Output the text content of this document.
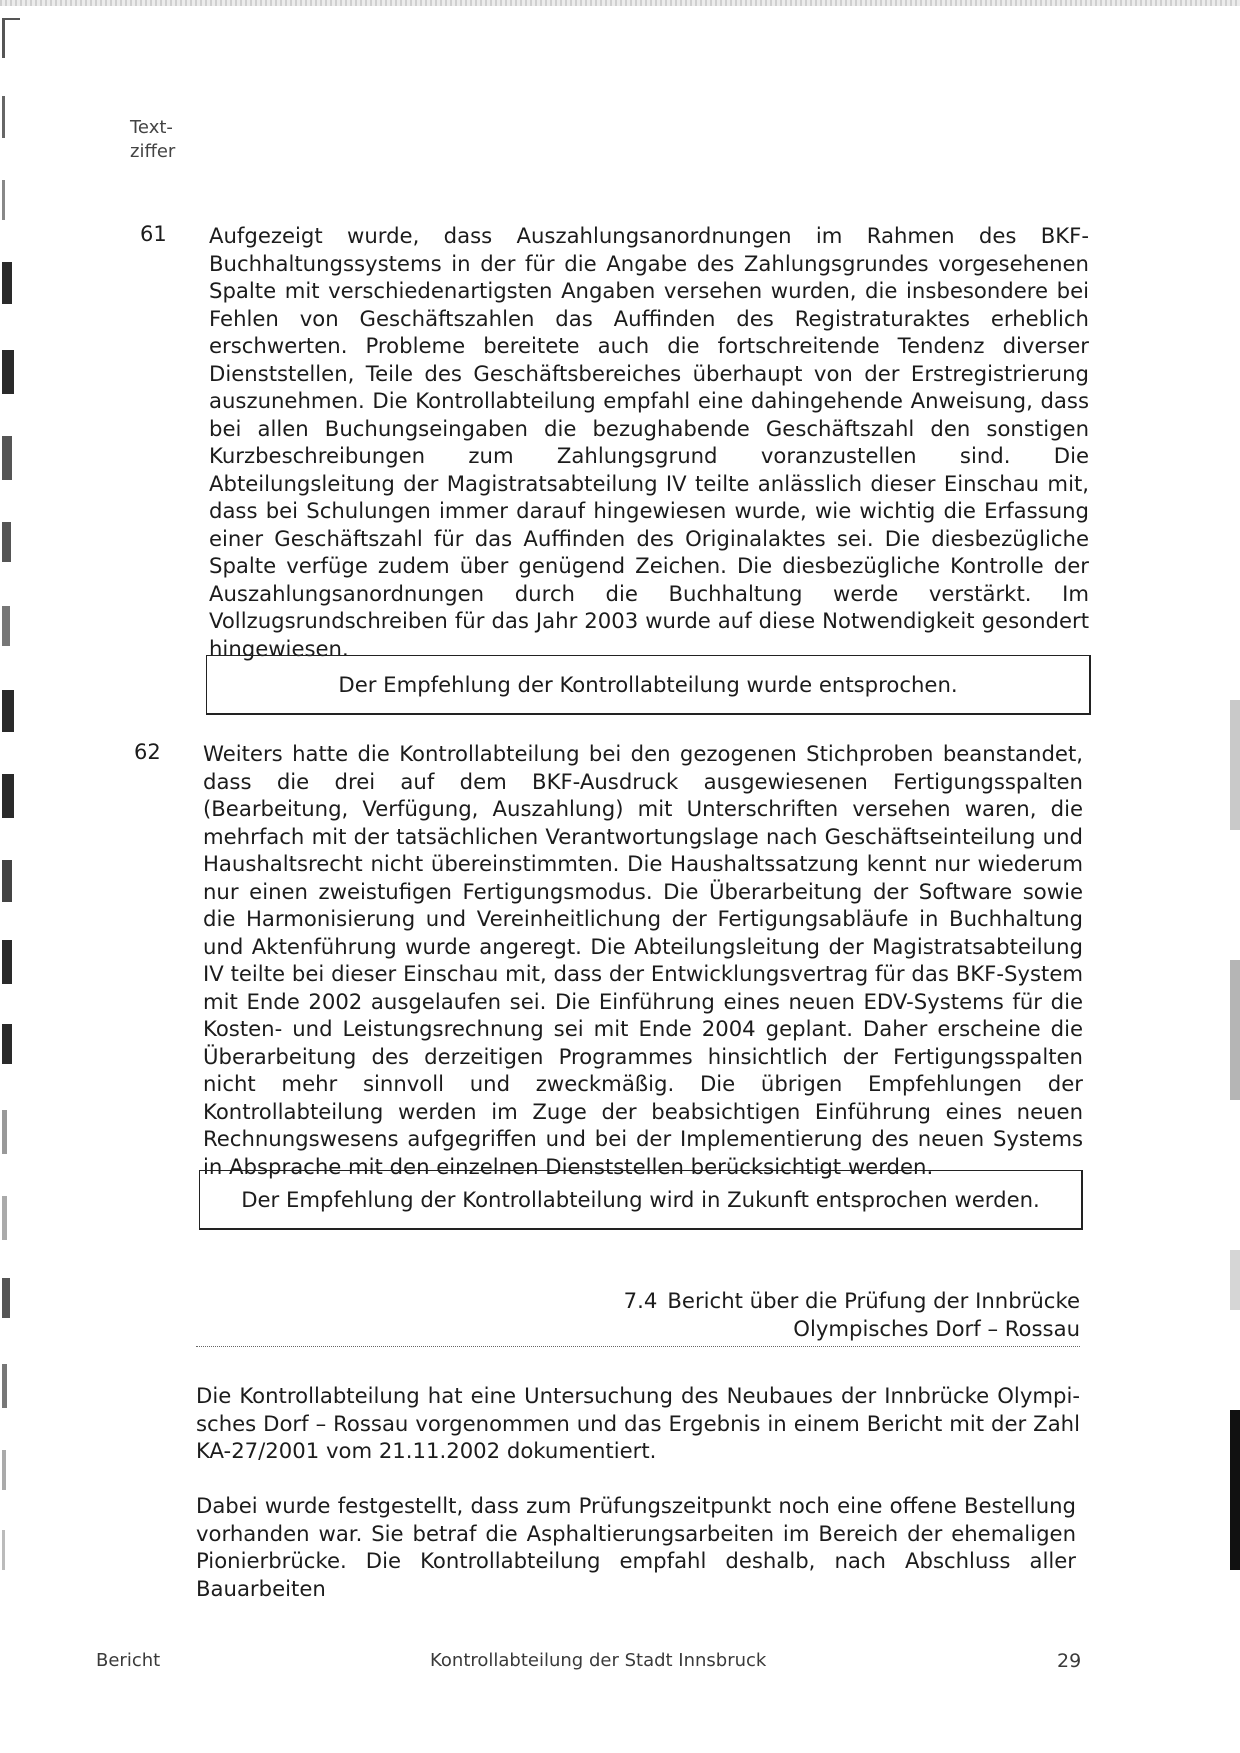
Text-
ziffer
61 Aufgezeigt wurde, dass Auszahlungsanordnungen im Rahmen des BKF-Buchhaltungssystems in der für die Angabe des Zahlungsgrundes vorgesehenen Spalte mit verschiedenartigsten Angaben versehen wurden, die insbesondere bei Fehlen von Geschäftszahlen das Auffinden des Registraturaktes erheblich erschwerten. Probleme bereitete auch die fortschreitende Tendenz diverser Dienststellen, Teile des Geschäftsbereiches überhaupt von der Erstregistrierung auszunehmen. Die Kontrollabteilung empfahl eine dahingehende Anweisung, dass bei allen Buchungseingaben die bezughabende Geschäftszahl den sonstigen Kurzbeschreibungen zum Zahlungsgrund voranzustellen sind. Die Abteilungsleitung der Magistratsabteilung IV teilte anlässlich dieser Einschau mit, dass bei Schulungen immer darauf hingewiesen wurde, wie wichtig die Erfassung einer Geschäftszahl für das Auffinden des Originalaktes sei. Die diesbezügliche Spalte verfüge zudem über genügend Zeichen. Die diesbezügliche Kontrolle der Auszahlungsanordnungen durch die Buchhaltung werde verstärkt. Im Vollzugsrundschreiben für das Jahr 2003 wurde auf diese Notwendigkeit gesondert hingewiesen.

Der Empfehlung der Kontrollabteilung wurde entsprochen.
62 Weiters hatte die Kontrollabteilung bei den gezogenen Stichproben beanstandet, dass die drei auf dem BKF-Ausdruck ausgewiesenen Fertigungsspalten (Bearbeitung, Verfügung, Auszahlung) mit Unterschriften versehen waren, die mehrfach mit der tatsächlichen Verantwortungslage nach Geschäftseinteilung und Haushaltsrecht nicht übereinstimmten. Die Haushaltssatzung kennt nur wiederum nur einen zweistufigen Fertigungsmodus. Die Überarbeitung der Software sowie die Harmonisierung und Vereinheitlichung der Fertigungsabläufe in Buchhaltung und Aktenführung wurde angeregt. Die Abteilungsleitung der Magistratsabteilung IV teilte bei dieser Einschau mit, dass der Entwicklungsvertrag für das BKF-System mit Ende 2002 ausgelaufen sei. Die Einführung eines neuen EDV-Systems für die Kosten- und Leistungsrechnung sei mit Ende 2004 geplant. Daher erscheine die Überarbeitung des derzeitigen Programmes hinsichtlich der Fertigungsspalten nicht mehr sinnvoll und zweckmäßig. Die übrigen Empfehlungen der Kontrollabteilung werden im Zuge der beabsichtigen Einführung eines neuen Rechnungswesens aufgegriffen und bei der Implementierung des neuen Systems in Absprache mit den einzelnen Dienststellen berücksichtigt werden.

Der Empfehlung der Kontrollabteilung wird in Zukunft entsprochen werden.
7.4 Bericht über die Prüfung der Innbrücke
Olympisches Dorf – Rossau

Die Kontrollabteilung hat eine Untersuchung des Neubaues der Innbrücke Olympisches Dorf – Rossau vorgenommen und das Ergebnis in einem Bericht mit der Zahl KA-27/2001 vom 21.11.2002 dokumentiert.

Dabei wurde festgestellt, dass zum Prüfungszeitpunkt noch eine offene Bestellung vorhanden war. Sie betraf die Asphaltierungsarbeiten im Bereich der ehemaligen Pionierbrücke. Die Kontrollabteilung empfahl deshalb, nach Abschluss aller Bauarbeiten

Bericht	Kontrollabteilung der Stadt Innsbruck	29
